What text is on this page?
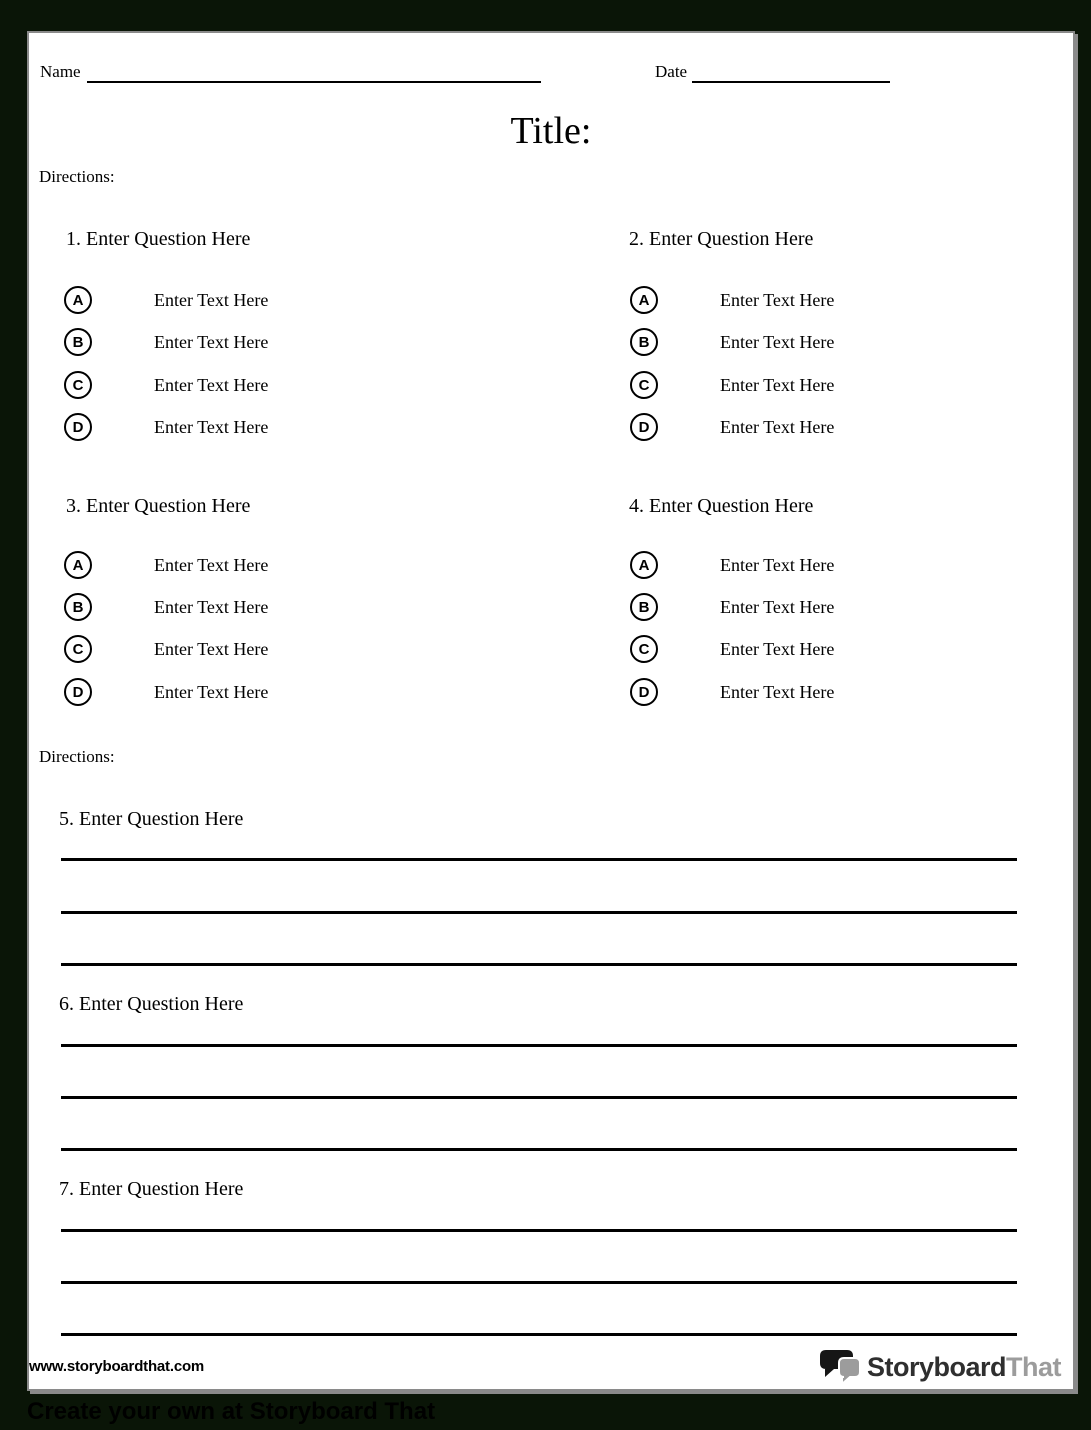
Name	Date
Title:
Directions:
1. Enter Question Here
A	Enter Text Here
B	Enter Text Here
C	Enter Text Here
D	Enter Text Here
2. Enter Question Here
A	Enter Text Here
B	Enter Text Here
C	Enter Text Here
D	Enter Text Here
3. Enter Question Here
A	Enter Text Here
B	Enter Text Here
C	Enter Text Here
D	Enter Text Here
4. Enter Question Here
A	Enter Text Here
B	Enter Text Here
C	Enter Text Here
D	Enter Text Here
Directions:
5. Enter Question Here
6. Enter Question Here
7. Enter Question Here
www.storyboardthat.com	StoryboardThat
Create your own at Storyboard That
